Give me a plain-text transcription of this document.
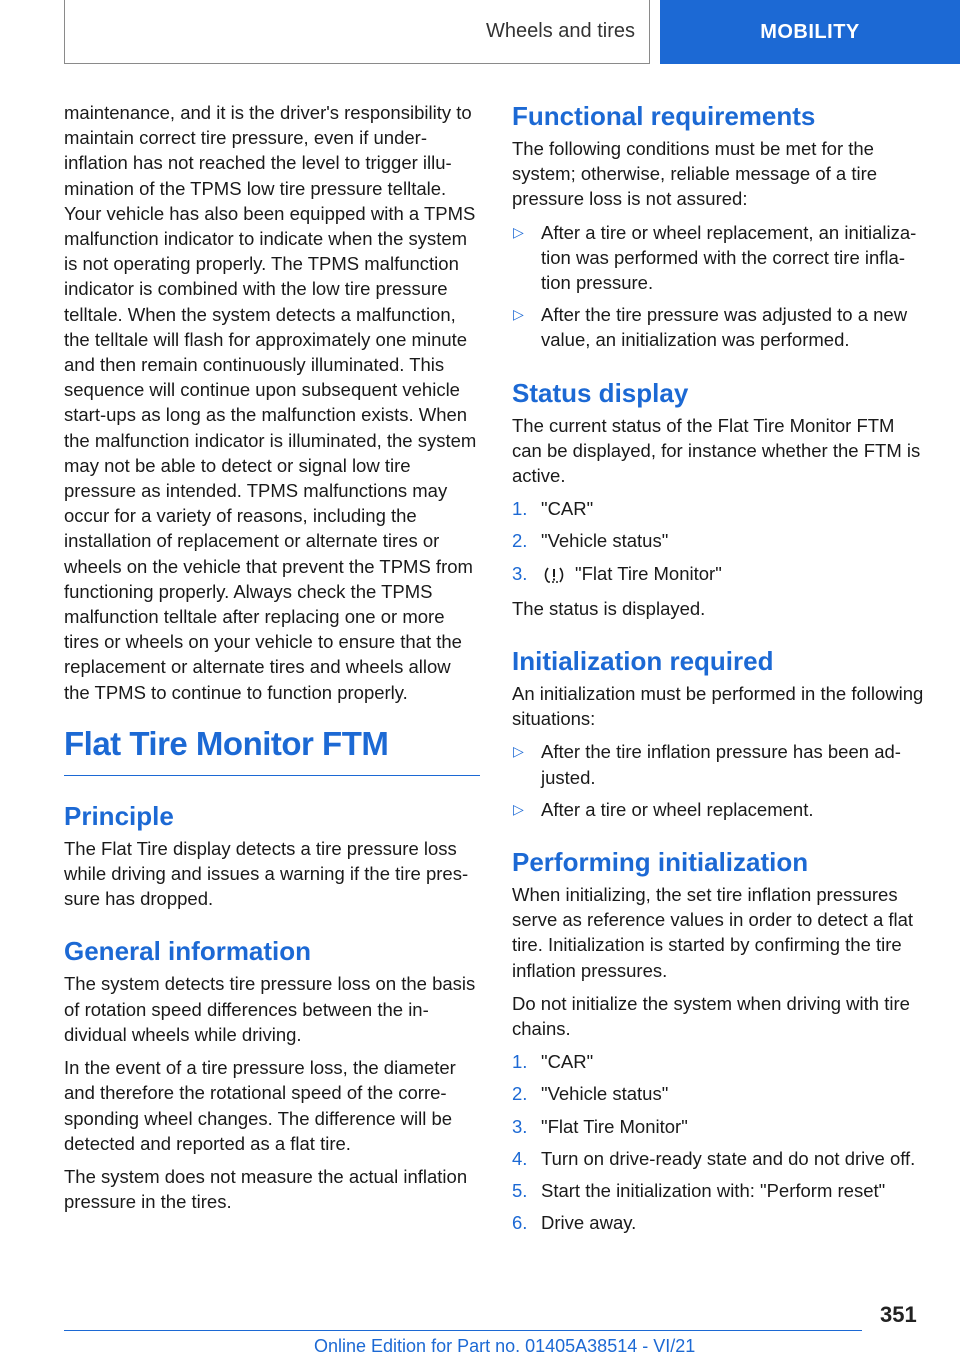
Wheels and tires	MOBILITY

maintenance, and it is the driver's responsibility to maintain correct tire pressure, even if underinflation has not reached the level to trigger illumination of the TPMS low tire pressure telltale. Your vehicle has also been equipped with a TPMS malfunction indicator to indicate when the system is not operating properly. The TPMS malfunction indicator is combined with the low tire pressure telltale. When the system detects a malfunction, the telltale will flash for approximately one minute and then remain continuously illuminated. This sequence will continue upon subsequent vehicle start-ups as long as the malfunction exists. When the malfunction indicator is illuminated, the system may not be able to detect or signal low tire pressure as intended. TPMS malfunctions may occur for a variety of reasons, including the installation of replacement or alternate tires or wheels on the vehicle that prevent the TPMS from functioning properly. Always check the TPMS malfunction telltale after replacing one or more tires or wheels on your vehicle to ensure that the replacement or alternate tires and wheels allow the TPMS to continue to function properly.

Flat Tire Monitor FTM
Principle

The Flat Tire display detects a tire pressure loss while driving and issues a warning if the tire pressure has dropped.

General information

The system detects tire pressure loss on the basis of rotation speed differences between the individual wheels while driving.

In the event of a tire pressure loss, the diameter and therefore the rotational speed of the corresponding wheel changes. The difference will be detected and reported as a flat tire.

The system does not measure the actual inflation pressure in the tires.

Functional requirements

The following conditions must be met for the system; otherwise, reliable message of a tire pressure loss is not assured:

▷ After a tire or wheel replacement, an initialization was performed with the correct tire inflation pressure.
▷ After the tire pressure was adjusted to a new value, an initialization was performed.
Status display

The current status of the Flat Tire Monitor FTM can be displayed, for instance whether the FTM is active.

1. "CAR"
2. "Vehicle status"
3.	"Flat Tire Monitor"

The status is displayed.

Initialization required

An initialization must be performed in the following situations:

▷ After the tire inflation pressure has been adjusted.
▷ After a tire or wheel replacement.
Performing initialization

When initializing, the set tire inflation pressures serve as reference values in order to detect a flat tire. Initialization is started by confirming the tire inflation pressures.

Do not initialize the system when driving with tire chains.

1. "CAR"
2. "Vehicle status"
3. "Flat Tire Monitor"
4. Turn on drive-ready state and do not drive off.
5. Start the initialization with: "Perform reset"
6. Drive away.
351
Online Edition for Part no. 01405A38514 - VI/21
